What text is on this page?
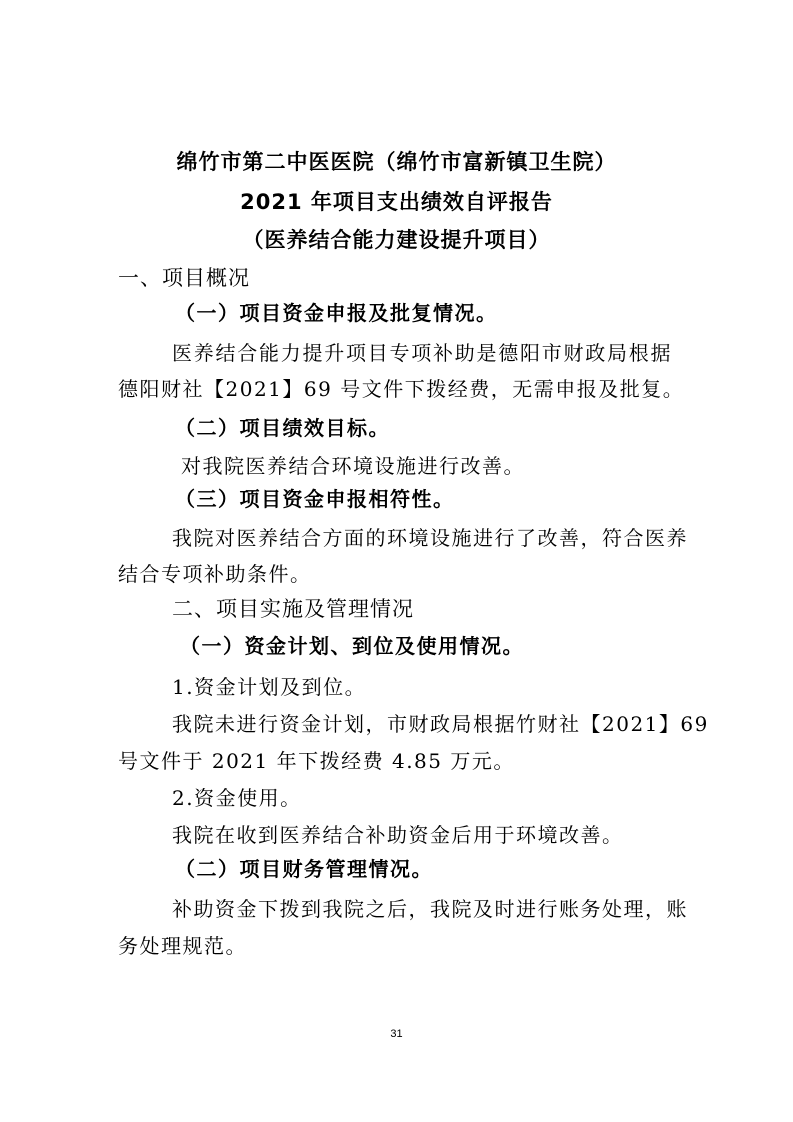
绵竹市第二中医医院（绵竹市富新镇卫生院）
2021 年项目支出绩效自评报告
（医养结合能力建设提升项目）
一、项目概况
（一）项目资金申报及批复情况。
医养结合能力提升项目专项补助是德阳市财政局根据
德阳财社【2021】69 号文件下拨经费，无需申报及批复。
（二）项目绩效目标。
对我院医养结合环境设施进行改善。
（三）项目资金申报相符性。
我院对医养结合方面的环境设施进行了改善，符合医养
结合专项补助条件。
二、项目实施及管理情况
（一）资金计划、到位及使用情况。
1.资金计划及到位。
我院未进行资金计划，市财政局根据竹财社【2021】69
号文件于 2021 年下拨经费 4.85 万元。
2.资金使用。
我院在收到医养结合补助资金后用于环境改善。
（二）项目财务管理情况。
补助资金下拨到我院之后，我院及时进行账务处理，账
务处理规范。
31
